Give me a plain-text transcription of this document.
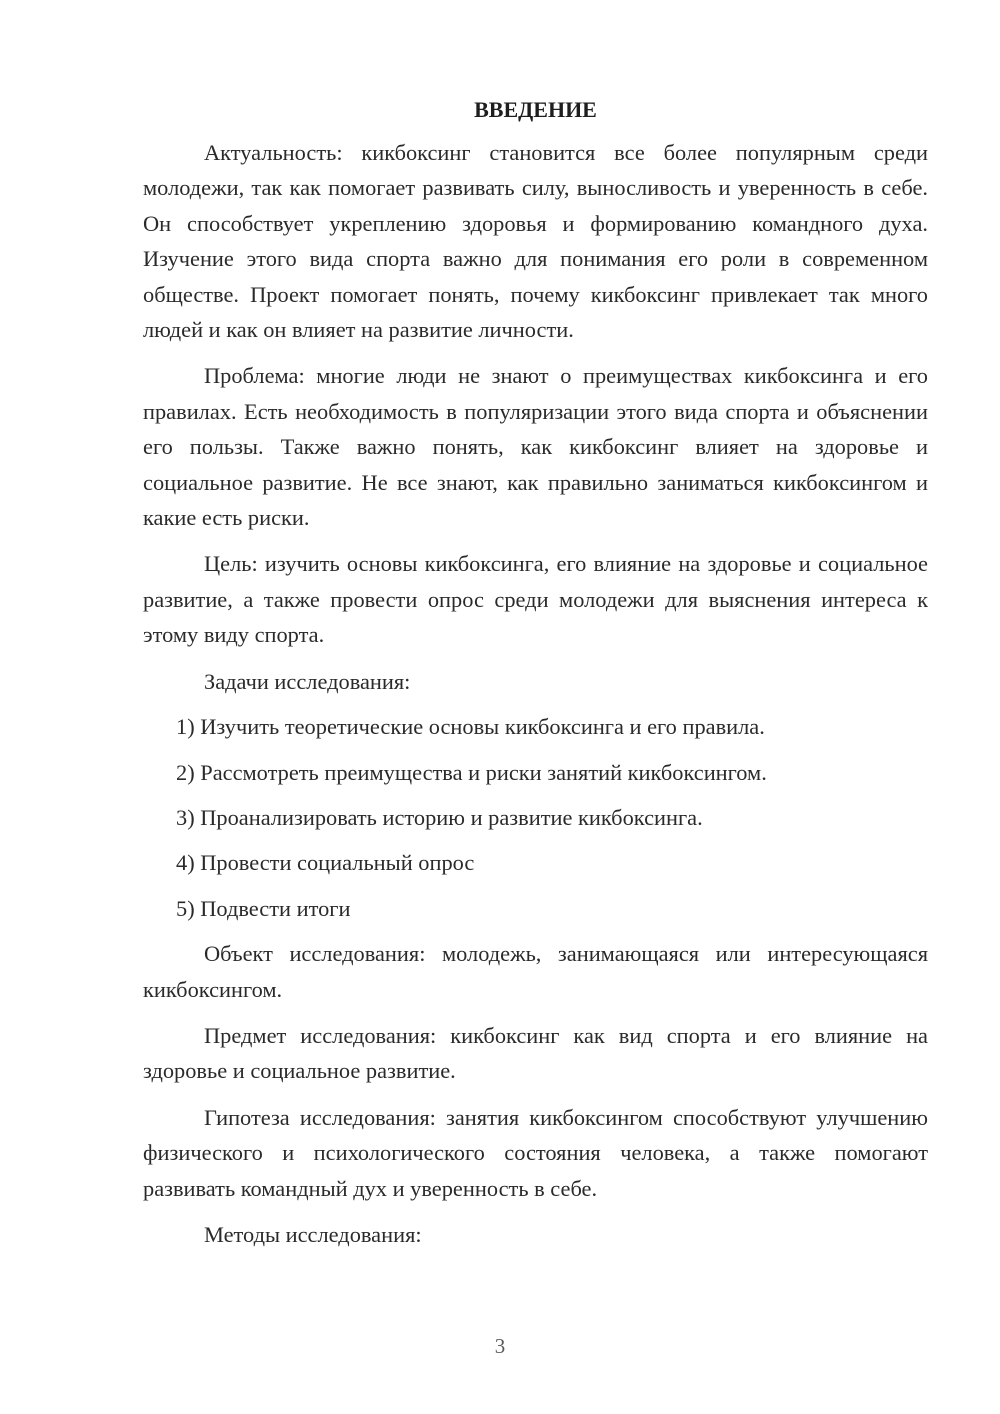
ВВЕДЕНИЕ

Актуальность: кикбоксинг становится все более популярным среди молодежи, так как помогает развивать силу, выносливость и уверенность в себе. Он способствует укреплению здоровья и формированию командного духа. Изучение этого вида спорта важно для понимания его роли в современном обществе. Проект помогает понять, почему кикбоксинг привлекает так много людей и как он влияет на развитие личности.

Проблема: многие люди не знают о преимуществах кикбоксинга и его правилах. Есть необходимость в популяризации этого вида спорта и объяснении его пользы. Также важно понять, как кикбоксинг влияет на здоровье и социальное развитие. Не все знают, как правильно заниматься кикбоксингом и какие есть риски.

Цель: изучить основы кикбоксинга, его влияние на здоровье и социальное развитие, а также провести опрос среди молодежи для выяснения интереса к этому виду спорта.

Задачи исследования:
1) Изучить теоретические основы кикбоксинга и его правила.
2) Рассмотреть преимущества и риски занятий кикбоксингом.
3) Проанализировать историю и развитие кикбоксинга.
4) Провести социальный опрос
5) Подвести итоги

Объект исследования: молодежь, занимающаяся или интересующаяся кикбоксингом.

Предмет исследования: кикбоксинг как вид спорта и его влияние на здоровье и социальное развитие.

Гипотеза исследования: занятия кикбоксингом способствуют улучшению физического и психологического состояния человека, а также помогают развивать командный дух и уверенность в себе.

Методы исследования:
3
